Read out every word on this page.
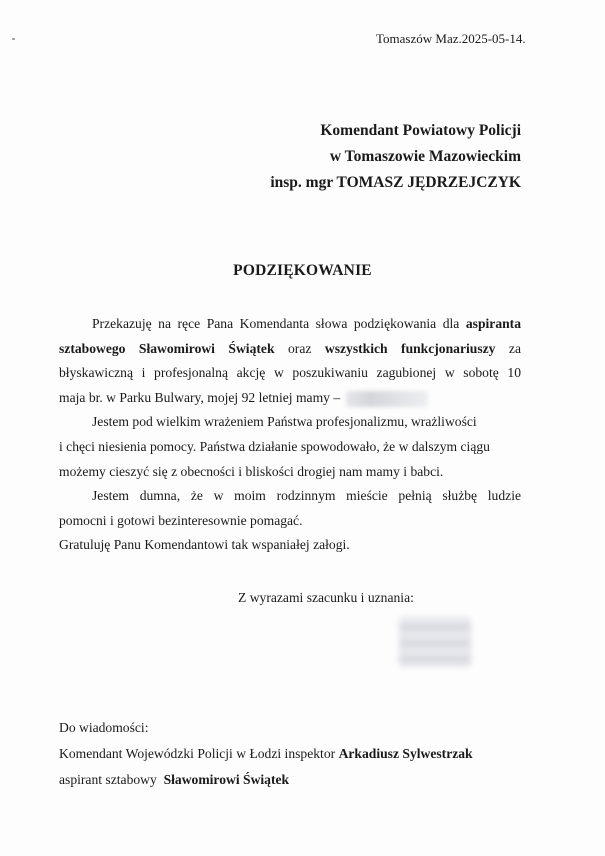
Tomaszów Maz.2025-05-14.
Komendant Powiatowy Policji
w Tomaszowie Mazowieckim
insp. mgr TOMASZ JĘDRZEJCZYK
PODZIĘKOWANIE
Przekazuję na ręce Pana Komendanta słowa podziękowania dla aspiranta
sztabowego Sławomirowi Świątek oraz wszystkich funkcjonariuszy za
błyskawiczną i profesjonalną akcję w poszukiwaniu zagubionej w sobotę 10
maja br. w Parku Bulwary, mojej 92 letniej mamy –
Jestem pod wielkim wrażeniem Państwa profesjonalizmu, wrażliwości
i chęci niesienia pomocy. Państwa działanie spowodowało, że w dalszym ciągu
możemy cieszyć się z obecności i bliskości drogiej nam mamy i babci.
Jestem dumna, że w moim rodzinnym mieście pełnią służbę ludzie
pomocni i gotowi bezinteresownie pomagać.
Gratuluję Panu Komendantowi tak wspaniałej załogi.
Z wyrazami szacunku i uznania:
Do wiadomości:
Komendant Wojewódzki Policji w Łodzi inspektor Arkadiusz Sylwestrzak
aspirant sztabowy  Sławomirowi Świątek
